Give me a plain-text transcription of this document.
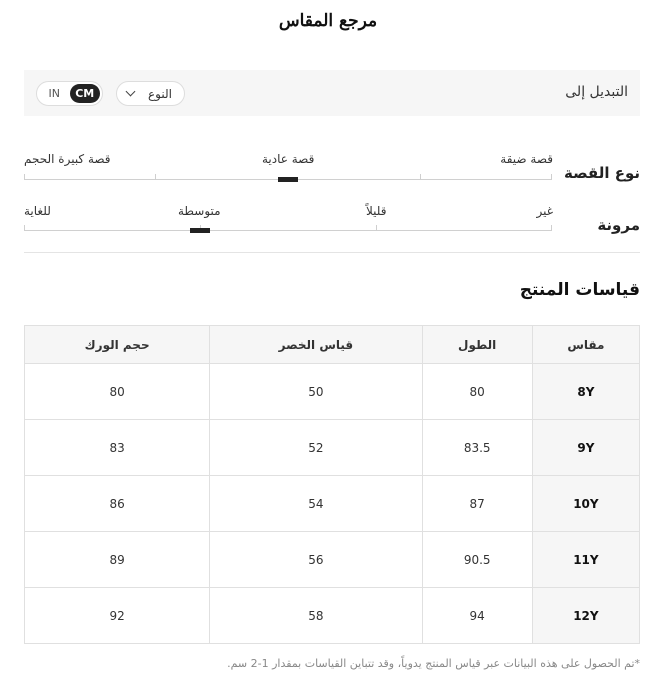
مرجع المقاس
التبديل إلى
النوع
IN	CM
نوع القصة
قصة ضيقة
قصة عادية
قصة كبيرة الحجم
مرونة
غير
قليلاً
متوسطة
للغاية
قياسات المنتج
حجم الورك	قياس الخصر	الطول	مقاس
80	50	80	8Y
83	52	83.5	9Y
86	54	87	10Y
89	56	90.5	11Y
92	58	94	12Y
*تم الحصول على هذه البيانات عبر قياس المنتج يدوياً، وقد تتباين القياسات بمقدار 1-2 سم.
